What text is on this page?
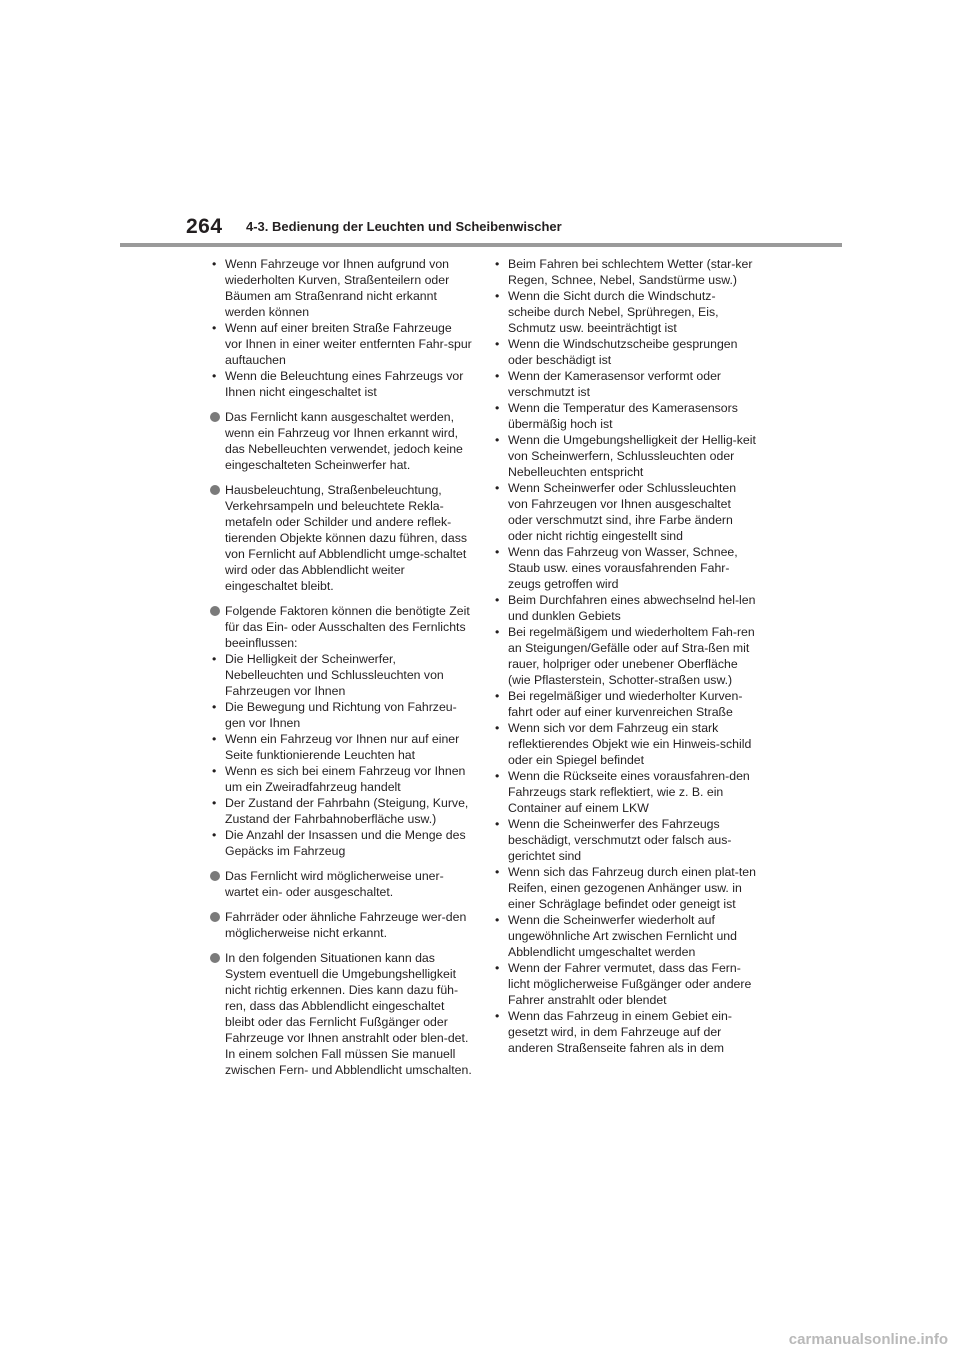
264 4-3. Bedienung der Leuchten und Scheibenwischer
• Wenn Fahrzeuge vor Ihnen aufgrund von wiederholten Kurven, Straßenteilern oder Bäumen am Straßenrand nicht erkannt werden können
• Wenn auf einer breiten Straße Fahrzeuge vor Ihnen in einer weiter entfernten Fahr-spur auftauchen
• Wenn die Beleuchtung eines Fahrzeugs vor Ihnen nicht eingeschaltet ist
Das Fernlicht kann ausgeschaltet werden, wenn ein Fahrzeug vor Ihnen erkannt wird, das Nebelleuchten verwendet, jedoch keine eingeschalteten Scheinwerfer hat.
Hausbeleuchtung, Straßenbeleuchtung, Verkehrsampeln und beleuchtete Rekla-metafeln oder Schilder und andere reflek-tierenden Objekte können dazu führen, dass von Fernlicht auf Abblendlicht umge-schaltet wird oder das Abblendlicht weiter eingeschaltet bleibt.
Folgende Faktoren können die benötigte Zeit für das Ein- oder Ausschalten des Fernlichts beeinflussen:
• Die Helligkeit der Scheinwerfer, Nebelleuchten und Schlussleuchten von Fahrzeugen vor Ihnen
• Die Bewegung und Richtung von Fahrzeu-gen vor Ihnen
• Wenn ein Fahrzeug vor Ihnen nur auf einer Seite funktionierende Leuchten hat
• Wenn es sich bei einem Fahrzeug vor Ihnen um ein Zweiradfahrzeug handelt
• Der Zustand der Fahrbahn (Steigung, Kurve, Zustand der Fahrbahnoberfläche usw.)
• Die Anzahl der Insassen und die Menge des Gepäcks im Fahrzeug
Das Fernlicht wird möglicherweise uner-wartet ein- oder ausgeschaltet.
Fahrräder oder ähnliche Fahrzeuge wer-den möglicherweise nicht erkannt.
In den folgenden Situationen kann das System eventuell die Umgebungshelligkeit nicht richtig erkennen. Dies kann dazu füh-ren, dass das Abblendlicht eingeschaltet bleibt oder das Fernlicht Fußgänger oder Fahrzeuge vor Ihnen anstrahlt oder blen-det. In einem solchen Fall müssen Sie manuell zwischen Fern- und Abblendlicht umschalten.
• Beim Fahren bei schlechtem Wetter (star-ker Regen, Schnee, Nebel, Sandstürme usw.)
• Wenn die Sicht durch die Windschutz-scheibe durch Nebel, Sprühregen, Eis, Schmutz usw. beeinträchtigt ist
• Wenn die Windschutzscheibe gesprungen oder beschädigt ist
• Wenn der Kamerasensor verformt oder verschmutzt ist
• Wenn die Temperatur des Kamerasensors übermäßig hoch ist
• Wenn die Umgebungshelligkeit der Hellig-keit von Scheinwerfern, Schlussleuchten oder Nebelleuchten entspricht
• Wenn Scheinwerfer oder Schlussleuchten von Fahrzeugen vor Ihnen ausgeschaltet oder verschmutzt sind, ihre Farbe ändern oder nicht richtig eingestellt sind
• Wenn das Fahrzeug von Wasser, Schnee, Staub usw. eines vorausfahrenden Fahr-zeugs getroffen wird
• Beim Durchfahren eines abwechselnd hel-len und dunklen Gebiets
• Bei regelmäßigem und wiederholtem Fah-ren an Steigungen/Gefälle oder auf Stra-ßen mit rauer, holpriger oder unebener Oberfläche (wie Pflasterstein, Schotter-straßen usw.)
• Bei regelmäßiger und wiederholter Kurven-fahrt oder auf einer kurvenreichen Straße
• Wenn sich vor dem Fahrzeug ein stark reflektierendes Objekt wie ein Hinweis-schild oder ein Spiegel befindet
• Wenn die Rückseite eines vorausfahren-den Fahrzeugs stark reflektiert, wie z. B. ein Container auf einem LKW
• Wenn die Scheinwerfer des Fahrzeugs beschädigt, verschmutzt oder falsch aus-gerichtet sind
• Wenn sich das Fahrzeug durch einen plat-ten Reifen, einen gezogenen Anhänger usw. in einer Schräglage befindet oder geneigt ist
• Wenn die Scheinwerfer wiederholt auf ungewöhnliche Art zwischen Fernlicht und Abblendlicht umgeschaltet werden
• Wenn der Fahrer vermutet, dass das Fern-licht möglicherweise Fußgänger oder andere Fahrer anstrahlt oder blendet
• Wenn das Fahrzeug in einem Gebiet ein-gesetzt wird, in dem Fahrzeuge auf der anderen Straßenseite fahren als in dem
carmanualsonline.info
